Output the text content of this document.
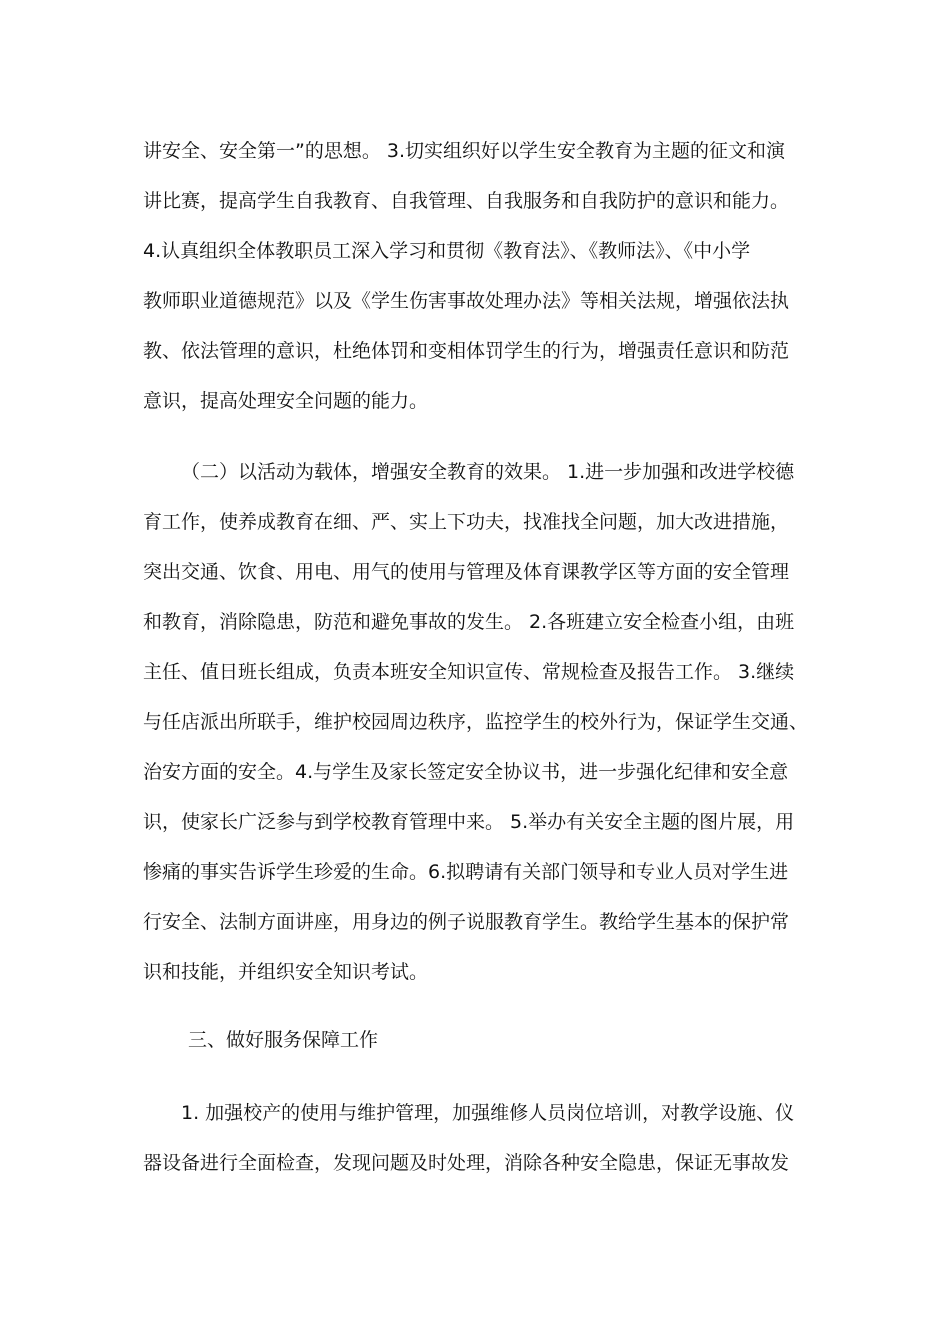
讲安全、安全第一”的思想。 3.切实组织好以学生安全教育为主题的征文和演
讲比赛，提高学生自我教育、自我管理、自我服务和自我防护的意识和能力。
4.认真组织全体教职员工深入学习和贯彻《教育法》、《教师法》、《中小学
教师职业道德规范》以及《学生伤害事故处理办法》等相关法规，增强依法执
教、依法管理的意识，杜绝体罚和变相体罚学生的行为，增强责任意识和防范
意识，提高处理安全问题的能力。
（二）以活动为载体，增强安全教育的效果。 1.进一步加强和改进学校德
育工作，使养成教育在细、严、实上下功夫，找准找全问题，加大改进措施，
突出交通、饮食、用电、用气的使用与管理及体育课教学区等方面的安全管理
和教育，消除隐患，防范和避免事故的发生。 2.各班建立安全检查小组，由班
主任、值日班长组成，负责本班安全知识宣传、常规检查及报告工作。 3.继续
与任店派出所联手，维护校园周边秩序，监控学生的校外行为，保证学生交通、
治安方面的安全。4.与学生及家长签定安全协议书，进一步强化纪律和安全意
识，使家长广泛参与到学校教育管理中来。 5.举办有关安全主题的图片展，用
惨痛的事实告诉学生珍爱的生命。6.拟聘请有关部门领导和专业人员对学生进
行安全、法制方面讲座，用身边的例子说服教育学生。教给学生基本的保护常
识和技能，并组织安全知识考试。
三、做好服务保障工作
1. 加强校产的使用与维护管理，加强维修人员岗位培训，对教学设施、仪
器设备进行全面检查，发现问题及时处理，消除各种安全隐患，保证无事故发
